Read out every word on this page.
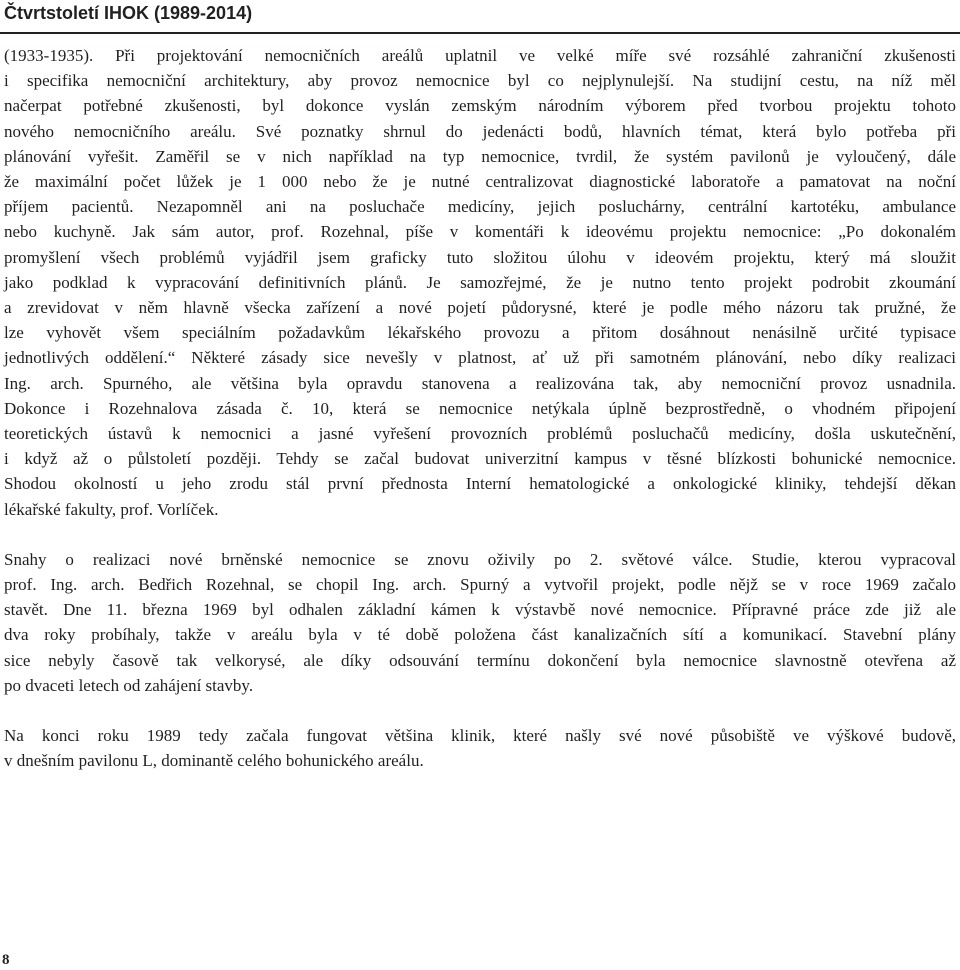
Čtvrtstoletí IHOK (1989-2014)

(1933-1935). Při projektování nemocničních areálů uplatnil ve velké míře své rozsáhlé zahraniční zkušenosti
i specifika nemocniční architektury, aby provoz nemocnice byl co nejplynulejší. Na studijní cestu, na níž měl
načerpat potřebné zkušenosti, byl dokonce vyslán zemským národním výborem před tvorbou projektu tohoto
nového nemocničního areálu. Své poznatky shrnul do jedenácti bodů, hlavních témat, která bylo potřeba při
plánování vyřešit. Zaměřil se v nich například na typ nemocnice, tvrdil, že systém pavilonů je vyloučený, dále
že maximální počet lůžek je 1 000 nebo že je nutné centralizovat diagnostické laboratoře a pamatovat na noční
příjem pacientů. Nezapomněl ani na posluchače medicíny, jejich posluchárny, centrální kartotéku, ambulance
nebo kuchyně. Jak sám autor, prof. Rozehnal, píše v komentáři k ideovému projektu nemocnice: „Po dokonalém
promyšlení všech problémů vyjádřil jsem graficky tuto složitou úlohu v ideovém projektu, který má sloužit
jako podklad k vypracování definitivních plánů. Je samozřejmé, že je nutno tento projekt podrobit zkoumání
a zrevidovat v něm hlavně všecka zařízení a nové pojetí půdorysné, které je podle mého názoru tak pružné, že
lze vyhovět všem speciálním požadavkům lékařského provozu a přitom dosáhnout nenásilně určité typisace
jednotlivých oddělení.“ Některé zásady sice nevešly v platnost, ať už při samotném plánování, nebo díky realizaci
Ing. arch. Spurného, ale většina byla opravdu stanovena a realizována tak, aby nemocniční provoz usnadnila.
Dokonce i Rozehnalova zásada č. 10, která se nemocnice netýkala úplně bezprostředně, o vhodném připojení
teoretických ústavů k nemocnici a jasné vyřešení provozních problémů posluchačů medicíny, došla uskutečnění,
i když až o půlstoletí později. Tehdy se začal budovat univerzitní kampus v těsné blízkosti bohunické nemocnice.
Shodou okolností u jeho zrodu stál první přednosta Interní hematologické a onkologické kliniky, tehdejší děkan
lékařské fakulty, prof. Vorlíček.

Snahy o realizaci nové brněnské nemocnice se znovu oživily po 2. světové válce. Studie, kterou vypracoval
prof. Ing. arch. Bedřich Rozehnal, se chopil Ing. arch. Spurný a vytvořil projekt, podle nějž se v roce 1969 začalo
stavět. Dne 11. března 1969 byl odhalen základní kámen k výstavbě nové nemocnice. Přípravné práce zde již ale
dva roky probíhaly, takže v areálu byla v té době položena část kanalizačních sítí a komunikací. Stavební plány
sice nebyly časově tak velkorysé, ale díky odsouvání termínu dokončení byla nemocnice slavnostně otevřena až
po dvaceti letech od zahájení stavby.

Na konci roku 1989 tedy začala fungovat většina klinik, které našly své nové působiště ve výškové budově,
v dnešním pavilonu L, dominantě celého bohunického areálu.

8
